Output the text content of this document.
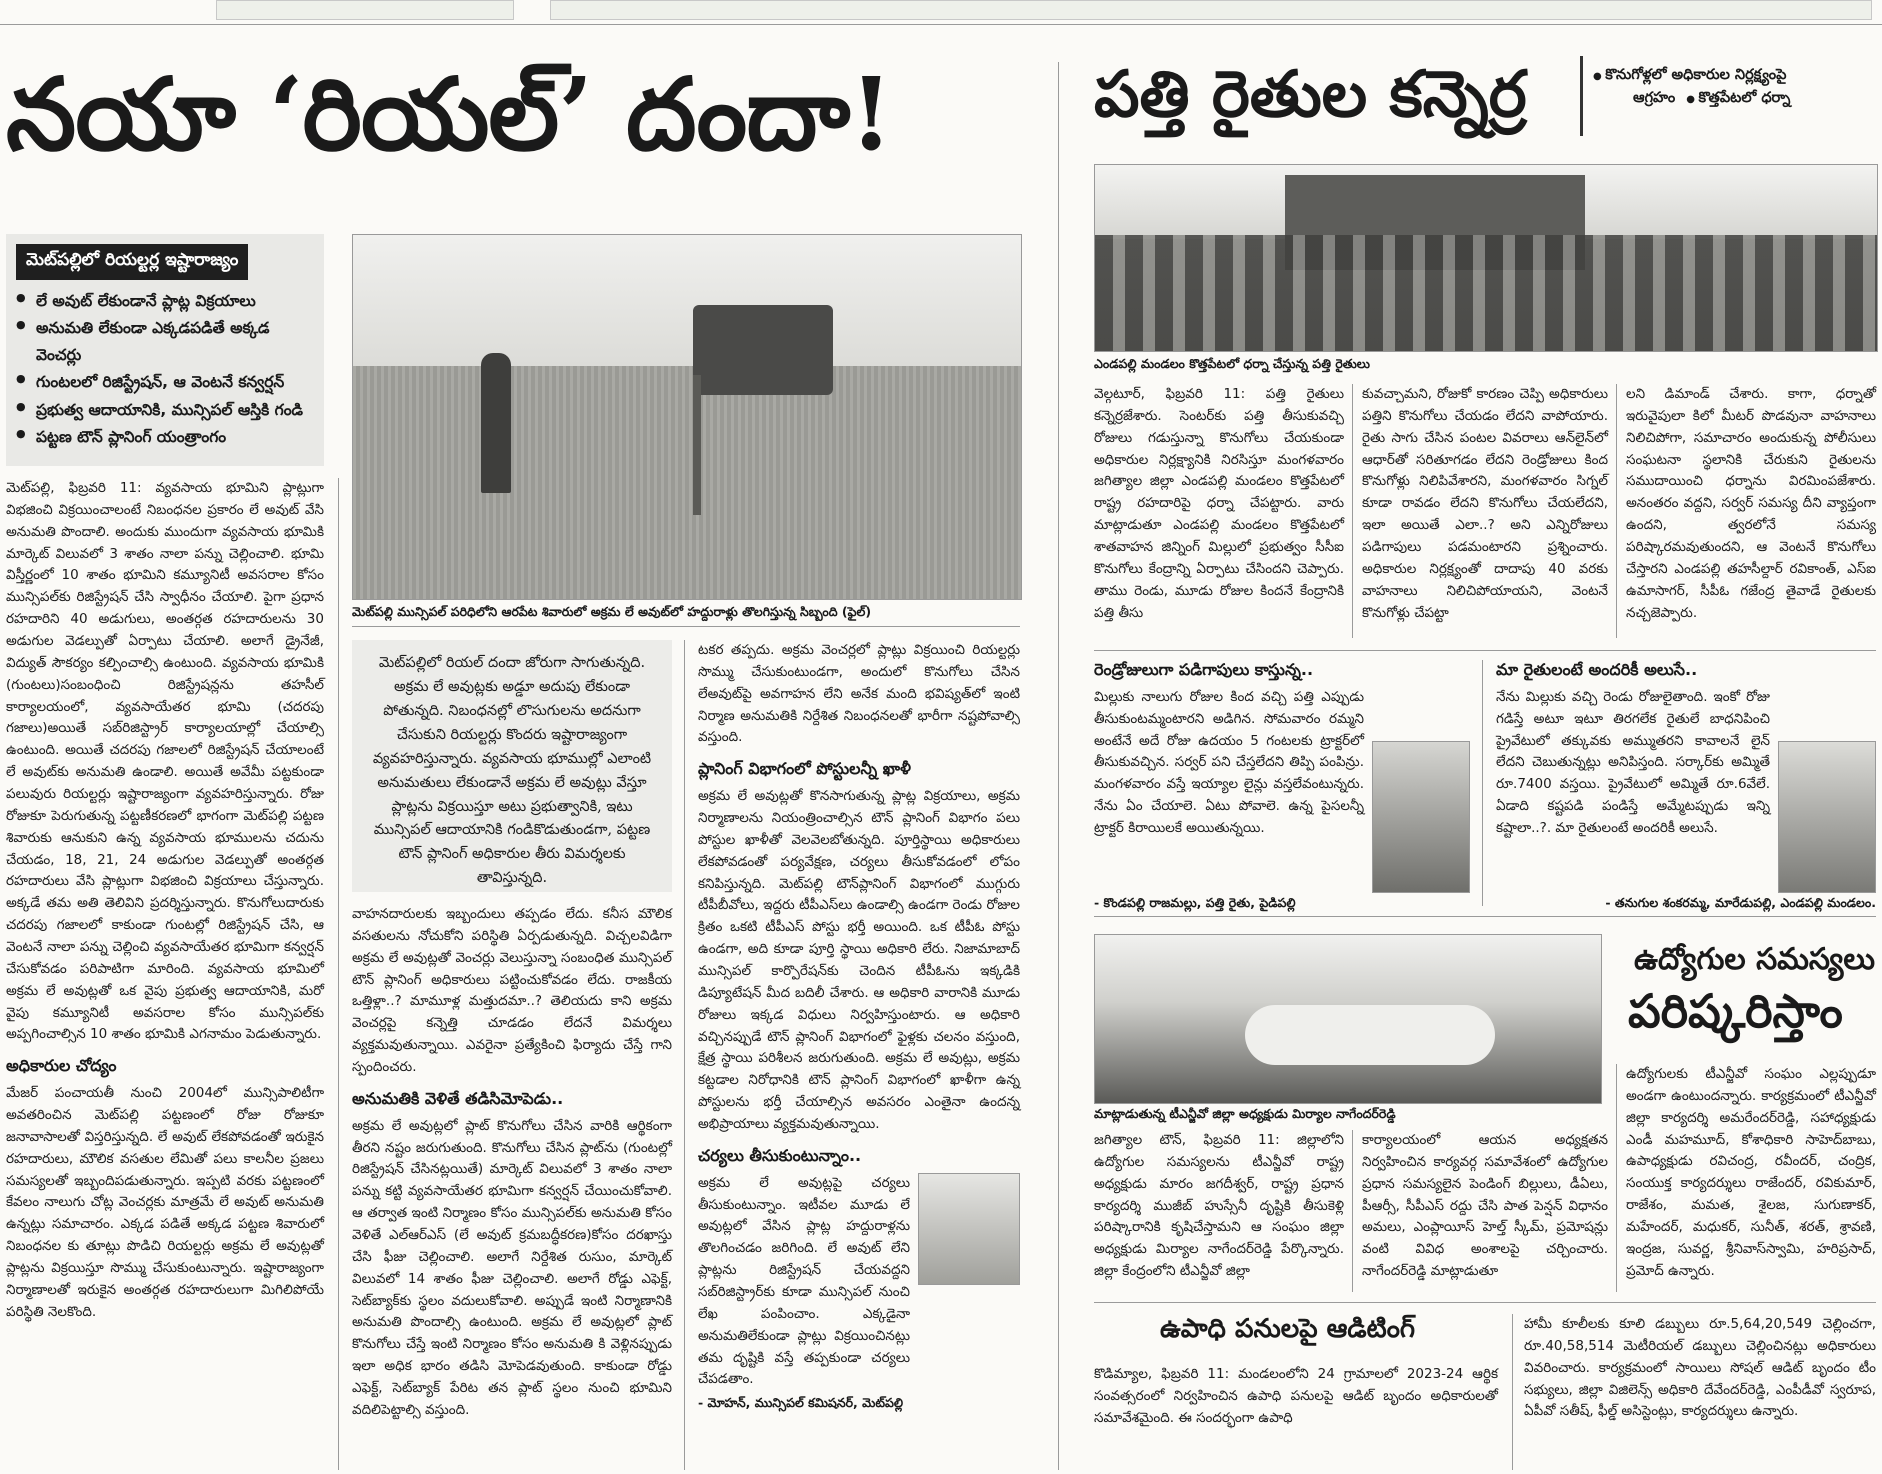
నయా ‘రియల్’ దందా!
మెట్‌పల్లిలో రియల్టర్ల ఇష్టారాజ్యం
● లే అవుట్ లేకుండానే ప్లాట్ల విక్రయాలు
● అనుమతి లేకుండా ఎక్కడపడితే అక్కడ వెంచర్లు
● గుంటలలో రిజిస్ట్రేషన్, ఆ వెంటనే కన్వర్షన్
● ప్రభుత్వ ఆదాయానికి, మున్సిపల్ ఆస్తికి గండి
● పట్టణ టౌన్ ప్లానింగ్ యంత్రాంగం
మెట్‌పల్లి మున్సిపల్ పరిధిలోని ఆరపేట శివారులో అక్రమ లే అవుట్‌లో హద్దురాళ్లు తొలగిస్తున్న సిబ్బంది (ఫైల్)

మెట్‌పల్లి, ఫిబ్రవరి 11: వ్యవసాయ భూమిని ప్లాట్లుగా విభజించి విక్రయించాలంటే నిబంధనల ప్రకారం లే అవుట్ వేసి అనుమతి పొందాలి. అందుకు ముందుగా వ్యవసాయ భూమికి మార్కెట్ విలువలో 3 శాతం నాలా పన్ను చెల్లించాలి. భూమి విస్తీర్ణంలో 10 శాతం భూమిని కమ్యూనిటీ అవసరాల కోసం మున్సిపల్‌కు రిజిస్ట్రేషన్ చేసి స్వాధీనం చేయాలి. పైగా ప్రధాన రహదారిని 40 అడుగులు, అంతర్గత రహదారులను 30 అడుగుల వెడల్పుతో ఏర్పాటు చేయాలి. అలాగే డ్రైనేజీ, విద్యుత్ సౌకర్యం కల్పించాల్సి ఉంటుంది. వ్యవసాయ భూమికి (గుంటలు)సంబంధించి రిజిస్ట్రేషన్లను తహసీల్ కార్యాలయంలో, వ్యవసాయేతర భూమి (చదరపు గజాలు)అయితే సబ్‌రిజిస్ట్రార్ కార్యాలయాల్లో చేయాల్సి ఉంటుంది. అయితే చదరపు గజాలలో రిజిస్ట్రేషన్ చేయాలంటే లే అవుట్‌కు అనుమతి ఉండాలి. అయితే అవేమీ పట్టకుండా పలువురు రియల్టర్లు ఇష్టారాజ్యంగా వ్యవహరిస్తున్నారు. రోజు రోజుకూ పెరుగుతున్న పట్టణీకరణలో భాగంగా మెట్‌పల్లి పట్టణ శివారుకు ఆనుకుని ఉన్న వ్యవసాయ భూములను చదును చేయడం, 18, 21, 24 అడుగుల వెడల్పుతో అంతర్గత రహదారులు వేసి ప్లాట్లుగా విభజించి విక్రయాలు చేస్తున్నారు. అక్కడే తమ అతి తెలివిని ప్రదర్శిస్తున్నారు. కొనుగోలుదారుకు చదరపు గజాలలో కాకుండా గుంటల్లో రిజిస్ట్రేషన్ చేసి, ఆ వెంటనే నాలా పన్ను చెల్లించి వ్యవసాయేతర భూమిగా కన్వర్షన్ చేసుకోవడం పరిపాటిగా మారింది. వ్యవసాయ భూమిలో అక్రమ లే అవుట్లతో ఒక వైపు ప్రభుత్వ ఆదాయానికి, మరో వైపు కమ్యూనిటీ అవసరాల కోసం మున్సిపల్‌కు అప్పగించాల్సిన 10 శాతం భూమికి ఎగనామం పెడుతున్నారు.

అధికారుల చోద్యం

మేజర్ పంచాయతీ నుంచి 2004లో మున్సిపాలిటీగా అవతరించిన మెట్‌పల్లి పట్టణంలో రోజు రోజుకూ జనావాసాలతో విస్తరిస్తున్నది. లే అవుట్ లేకపోవడంతో ఇరుకైన రహదారులు, మౌలిక వసతుల లేమితో పలు కాలనీల ప్రజలు సమస్యలతో ఇబ్బందిపడుతున్నారు. ఇప్పటి వరకు పట్టణంలో కేవలం నాలుగు చోట్ల వెంచర్లకు మాత్రమే లే అవుట్ అనుమతి ఉన్నట్లు సమాచారం. ఎక్కడ పడితే అక్కడ పట్టణ శివారులో నిబంధనల కు తూట్లు పొడిచి రియల్టర్లు అక్రమ లే అవుట్లతో ప్లాట్లను విక్రయిస్తూ సొమ్ము చేసుకుంటున్నారు. ఇష్టారాజ్యంగా నిర్మాణాలతో ఇరుకైన అంతర్గత రహదారులుగా మిగిలిపోయే పరిస్థితి నెలకొంది.

మెట్‌పల్లిలో రియల్ దందా జోరుగా సాగుతున్నది. అక్రమ లే అవుట్లకు అడ్డూ అదుపు లేకుండా పోతున్నది. నిబంధనల్లో లొసుగులను అదనుగా చేసుకుని రియల్టర్లు కొందరు ఇష్టారాజ్యంగా వ్యవహరిస్తున్నారు. వ్యవసాయ భూముల్లో ఎలాంటి అనుమతులు లేకుండానే అక్రమ లే అవుట్లు వేస్తూ ప్లాట్లను విక్రయిస్తూ అటు ప్రభుత్వానికి, ఇటు మున్సిపల్ ఆదాయానికి గండికొడుతుండగా, పట్టణ టౌన్ ప్లానింగ్ అధికారుల తీరు విమర్శలకు తావిస్తున్నది.

వాహనదారులకు ఇబ్బందులు తప్పడం లేదు. కనీస మౌలిక వసతులను నోచుకోని పరిస్థితి ఏర్పడుతున్నది. విచ్చలవిడిగా అక్రమ లే అవుట్లతో వెంచర్లు వెలుస్తున్నా సంబంధిత మున్సిపల్ టౌన్ ప్లానింగ్ అధికారులు పట్టించుకోవడం లేదు. రాజకీయ ఒత్తిళ్లా..? మామూళ్ల మత్తుదమా..? తెలియదు కాని అక్రమ వెంచర్లపై కన్నెత్తి చూడడం లేదనే విమర్శలు వ్యక్తమవుతున్నాయి. ఎవరైనా ప్రత్యేకించి ఫిర్యాదు చేస్తే గాని స్పందించరు.

అనుమతికి వెళితే తడిసిమోపెడు..

అక్రమ లే అవుట్లలో ప్లాట్ కొనుగోలు చేసిన వారికి ఆర్థికంగా తీరని నష్టం జరుగుతుంది. కొనుగోలు చేసిన ప్లాట్‌ను (గుంటల్లో రిజిస్ట్రేషన్ చేసినట్లయితే) మార్కెట్ విలువలో 3 శాతం నాలా పన్ను కట్టి వ్యవసాయేతర భూమిగా కన్వర్షన్ చేయించుకోవాలి. ఆ తర్వాత ఇంటి నిర్మాణం కోసం మున్సిపల్‌కు అనుమతి కోసం వెళితే ఎల్‌ఆర్‌ఎస్ (లే అవుట్ క్రమబద్ధీకరణ)కోసం దరఖాస్తు చేసి ఫీజు చెల్లించాలి. అలాగే నిర్దేశిత రుసుం, మార్కెట్ విలువలో 14 శాతం ఫీజు చెల్లించాలి. అలాగే రోడ్డు ఎఫెక్ట్, సెట్‌బ్యాక్‌కు స్థలం వదులుకోవాలి. అప్పుడే ఇంటి నిర్మాణానికి అనుమతి పొందాల్సి ఉంటుంది. అక్రమ లే అవుట్లలో ప్లాట్ కొనుగోలు చేస్తే ఇంటి నిర్మాణం కోసం అనుమతి కి వెళ్లినప్పుడు ఇలా అధిక భారం తడిసి మోపెడవుతుంది. కాకుండా రోడ్డు ఎఫెక్ట్, సెట్‌బ్యాక్ పేరిట తన ప్లాట్ స్థలం నుంచి భూమిని వదిలిపెట్టాల్సి వస్తుంది.

టకర తప్పదు. అక్రమ వెంచర్లలో ప్లాట్లు విక్రయించి రియల్టర్లు సొమ్ము చేసుకుంటుండగా, అందులో కొనుగోలు చేసిన లేఅవుట్‌పై అవగాహన లేని అనేక మంది భవిష్యత్‌లో ఇంటి నిర్మాణ అనుమతికి నిర్దేశిత నిబంధనలతో భారీగా నష్టపోవాల్సి వస్తుంది.

ప్లానింగ్ విభాగంలో పోస్టులన్నీ ఖాళీ

అక్రమ లే అవుట్లతో కొనసాగుతున్న ప్లాట్ల విక్రయాలు, అక్రమ నిర్మాణాలను నియంత్రించాల్సిన టౌన్ ప్లానింగ్ విభాగం పలు పోస్టుల ఖాళీతో వెలవెలబోతున్నది. పూర్తిస్థాయి అధికారులు లేకపోవడంతో పర్యవేక్షణ, చర్యలు తీసుకోవడంలో లోపం కనిపిస్తున్నది. మెట్‌పల్లి టౌన్‌ప్లానింగ్ విభాగంలో ముగ్గురు టీపీబీవోలు, ఇద్దరు టీపీఎస్‌లు ఉండాల్సి ఉండగా రెండు రోజుల క్రితం ఒకటి టీపీఎస్ పోస్టు భర్తీ అయింది. ఒక టీపీఓ పోస్టు ఉండగా, అది కూడా పూర్తి స్థాయి అధికారి లేరు. నిజామాబాద్ మున్సిపల్ కార్పొరేషన్‌కు చెందిన టీపీఓను ఇక్కడికి డిప్యూటేషన్ మీద బదిలీ చేశారు. ఆ అధికారి వారానికి మూడు రోజులు ఇక్కడ విధులు నిర్వహిస్తుంటారు. ఆ అధికారి వచ్చినప్పుడే టౌన్ ప్లానింగ్ విభాగంలో ఫైళ్లకు చలనం వస్తుంది, క్షేత్ర స్థాయి పరిశీలన జరుగుతుంది. అక్రమ లే అవుట్లు, అక్రమ కట్టడాల నిరోధానికి టౌన్ ప్లానింగ్ విభాగంలో ఖాళీగా ఉన్న పోస్టులను భర్తీ చేయాల్సిన అవసరం ఎంతైనా ఉందన్న అభిప్రాయాలు వ్యక్తమవుతున్నాయి.

చర్యలు తీసుకుంటున్నాం..

అక్రమ లే అవుట్లపై చర్యలు తీసుకుంటున్నాం. ఇటీవల మూడు లే అవుట్లలో వేసిన ప్లాట్ల హద్దురాళ్లను తొలగించడం జరిగింది. లే అవుట్ లేని ప్లాట్లను రిజిస్ట్రేషన్ చేయవద్దని సబ్‌రిజిస్ట్రార్‌కు కూడా మున్సిపల్ నుంచి లేఖ పంపించాం. ఎక్కడైనా అనుమతిలేకుండా ప్లాట్లు విక్రయించినట్లు తమ దృష్టికి వస్తే తప్పకుండా చర్యలు చేపడతాం.

- మోహన్, మున్సిపల్ కమిషనర్, మెట్‌పల్లి
పత్తి రైతుల కన్నెర్ర	● కొనుగోళ్లలో అధికారుల నిర్లక్ష్యంపై
ఆగ్రహం ● కొత్తపేటలో ధర్నా
ఎండపల్లి మండలం కొత్తపేటలో ధర్నా చేస్తున్న పత్తి రైతులు

వెల్గటూర్, ఫిబ్రవరి 11: పత్తి రైతులు కన్నెర్రజేశారు. సెంటర్‌కు పత్తి తీసుకువచ్చి రోజులు గడుస్తున్నా కొనుగోలు చేయకుండా అధికారుల నిర్లక్ష్యానికి నిరసిస్తూ మంగళవారం జగిత్యాల జిల్లా ఎండపల్లి మండలం కొత్తపేటలో రాష్ట్ర రహదారిపై ధర్నా చేపట్టారు. వారు మాట్లాడుతూ ఎండపల్లి మండలం కొత్తపేటలో శాతవాహన జిన్నింగ్ మిల్లులో ప్రభుత్వం సీసీఐ కొనుగోలు కేంద్రాన్ని ఏర్పాటు చేసిందని చెప్పారు. తాము రెండు, మూడు రోజుల కిందనే కేంద్రానికి పత్తి తీసు

కువచ్చామని, రోజుకో కారణం చెప్పి అధికారులు పత్తిని కొనుగోలు చేయడం లేదని వాపోయారు. రైతు సాగు చేసిన పంటల వివరాలు ఆన్‌లైన్‌లో ఆధార్‌తో సరితూగడం లేదని రెండ్రోజులు కింద కొనుగోళ్లు నిలిపివేశారని, మంగళవారం సిగ్నల్ కూడా రావడం లేదని కొనుగోలు చేయలేదని, ఇలా అయితే ఎలా..? అని ఎన్నిరోజులు పడిగాపులు పడమంటారని ప్రశ్నించారు. అధికారుల నిర్లక్ష్యంతో దాదాపు 40 వరకు వాహనాలు నిలిచిపోయాయని, వెంటనే కొనుగోళ్లు చేపట్టా

లని డిమాండ్ చేశారు. కాగా, ధర్నాతో ఇరువైపులా కిలో మీటర్ పొడవునా వాహనాలు నిలిచిపోగా, సమాచారం అందుకున్న పోలీసులు సంఘటనా స్థలానికి చేరుకుని రైతులను సముదాయించి ధర్నాను విరమింపజేశారు. అనంతరం వద్దని, సర్వర్ సమస్య దీని వ్యాప్తంగా ఉందని, త్వరలోనే సమస్య పరిష్కారమవుతుందని, ఆ వెంటనే కొనుగోలు చేస్తారని ఎండపల్లి తహసీల్దార్ రవికాంత్, ఎస్‌ఐ ఉమాసాగర్, సీపీఓ గజేంద్ర తైవాడే రైతులకు నచ్చజెప్పారు.

రెండ్రోజులుగా పడిగాపులు కాస్తున్న..

మిల్లుకు నాలుగు రోజుల కింద వచ్చి పత్తి ఎప్పుడు తీసుకుంటమ్మంటారని అడిగిన. సోమవారం రమ్మని అంటేనే అదే రోజు ఉదయం 5 గంటలకు ట్రాక్టర్‌లో తీసుకువచ్చిన. సర్వర్ పని చేస్తలేదని తిప్పి పంపిన్రు. మంగళవారం వస్తే ఇయ్యాల లైన్లు వస్తలేవంటున్నరు. నేను ఏం చేయాలె. ఏటు పోవాలె. ఉన్న పైసలన్నీ ట్రాక్టర్ కిరాయిలకే అయితున్నయి.

- కొండపల్లి రాజమల్లు, పత్తి రైతు, పైడిపల్లి

మా రైతులంటే అందరికీ అలుసే..

నేను మిల్లుకు వచ్చి రెండు రోజులైతాంది. ఇంకో రోజు గడిస్తే అటూ ఇటూ తిరగలేక రైతులే బాధనిపించి ప్రైవేటులో తక్కువకు అమ్ముతరని కావాలనే లైన్ లేదని చెబుతున్నట్లు అనిపిస్తంది. సర్కార్‌కు అమ్మితే రూ.7400 వస్తయి. ప్రైవేటులో అమ్మితే రూ.6వేలే. ఏడాది కష్టపడి పండిస్తే అమ్మేటప్పుడు ఇన్ని కష్టాలా..?. మా రైతులంటే అందరికీ అలుసే.

- తనుగుల శంకరమ్మ, మారేడుపల్లి, ఎండపల్లి మండలం.
మాట్లాడుతున్న టీఎన్జీవో జిల్లా అధ్యక్షుడు మిర్యాల నాగేందర్‌రెడ్డి
ఉద్యోగుల సమస్యలు
పరిష్కరిస్తాం

ఉద్యోగులకు టీఎన్జీవో సంఘం ఎల్లప్పుడూ అండగా ఉంటుందన్నారు. కార్యక్రమంలో టీఎన్జీవో జిల్లా కార్యదర్శి అమరేందర్‌రెడ్డి, సహాధ్యక్షుడు ఎండీ మహమూద్, కోశాధికారి సాహెద్‌బాబు, ఉపాధ్యక్షుడు రవిచంద్ర, రవీందర్, చంద్రిక, సంయుక్త కార్యదర్శులు రాజేందర్, రవికుమార్, రాజేశం, మమత, శైలజ, సుగుణాకర్, మహేందర్, మధుకర్, సునీత్, శరత్, శ్రావణి, ఇంద్రజ, సువర్ణ, శ్రీనివాస్‌స్వామి, హరిప్రసాద్, ప్రమోద్ ఉన్నారు.

జగిత్యాల టౌన్, ఫిబ్రవరి 11: జిల్లాలోని ఉద్యోగుల సమస్యలను టీఎన్జీవో రాష్ట్ర అధ్యక్షుడు మారం జగదీశ్వర్, రాష్ట్ర ప్రధాన కార్యదర్శి ముజీబ్ హుస్సేనీ దృష్టికి తీసుకెళ్లి పరిష్కారానికి కృషిచేస్తామని ఆ సంఘం జిల్లా అధ్యక్షుడు మిర్యాల నాగేందర్‌రెడ్డి పేర్కొన్నారు. జిల్లా కేంద్రంలోని టీఎన్జీవో జిల్లా

కార్యాలయంలో ఆయన అధ్యక్షతన నిర్వహించిన కార్యవర్గ సమావేశంలో ఉద్యోగుల ప్రధాన సమస్యలైన పెండింగ్ బిల్లులు, డీఏలు, పీఆర్సీ, సీపీఎస్ రద్దు చేసి పాత పెన్షన్ విధానం అమలు, ఎంప్లాయీస్ హెల్త్ స్కీమ్, ప్రమోషన్లు వంటి వివిధ అంశాలపై చర్చించారు. నాగేందర్‌రెడ్డి మాట్లాడుతూ

ఉపాధి పనులపై ఆడిటింగ్

కొడిమ్యాల, ఫిబ్రవరి 11: మండలంలోని 24 గ్రామాలలో 2023-24 ఆర్థిక సంవత్సరంలో నిర్వహించిన ఉపాధి పనులపై ఆడిట్ బృందం అధికారులతో సమావేశమైంది. ఈ సందర్భంగా ఉపాధి

హామీ కూలీలకు కూలి డబ్బులు రూ.5,64,20,549 చెల్లించగా, రూ.40,58,514 మెటీరియల్ డబ్బులు చెల్లించినట్లు అధికారులు వివరించారు. కార్యక్రమంలో సాయిలు సోషల్ ఆడిట్ బృందం టీం సభ్యులు, జిల్లా విజిలెన్స్ అధికారి దేవేందర్‌రెడ్డి, ఎంపీడీవో స్వరూప, ఏపీవో సతీష్, ఫీల్డ్ అసిస్టెంట్లు, కార్యదర్శులు ఉన్నారు.
